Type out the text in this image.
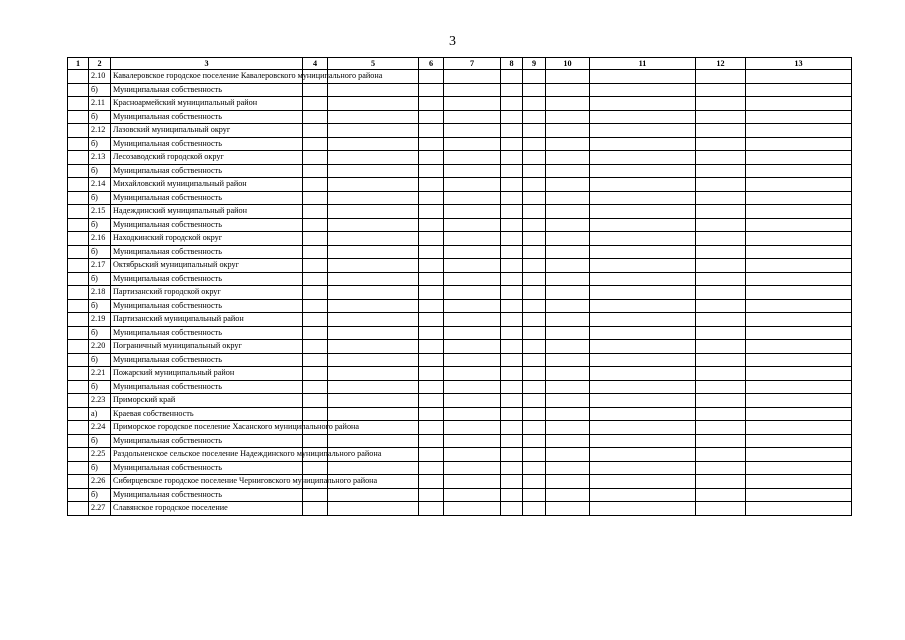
3
1	2	3	4	5	6	7	8	9	10	11	12	13
	2.10	Кавалеровское городское поселение Кавалеровского муниципального района										
	б)	Муниципальная собственность										
	2.11	Красноармейский муниципальный район										
	б)	Муниципальная собственность										
	2.12	Лазовский муниципальный округ										
	б)	Муниципальная собственность										
	2.13	Лесозаводский городской округ										
	б)	Муниципальная собственность										
	2.14	Михайловский муниципальный район										
	б)	Муниципальная собственность										
	2.15	Надеждинский муниципальный район										
	б)	Муниципальная собственность										
	2.16	Находкинский городской округ										
	б)	Муниципальная собственность										
	2.17	Октябрьский муниципальный округ										
	б)	Муниципальная собственность										
	2.18	Партизанский городской округ										
	б)	Муниципальная собственность										
	2.19	Партизанский муниципальный район										
	б)	Муниципальная собственность										
	2.20	Пограничный муниципальный округ										
	б)	Муниципальная собственность										
	2.21	Пожарский муниципальный район										
	б)	Муниципальная собственность										
	2.23	Приморский край										
	а)	Краевая собственность										
	2.24	Приморское городское поселение Хасанского муниципального района										
	б)	Муниципальная собственность										
	2.25	Раздольненское сельское поселение Надеждинского муниципального района										
	б)	Муниципальная собственность										
	2.26	Сибирцевское городское поселение Черниговского муниципального района										
	б)	Муниципальная собственность										
	2.27	Славянское городское поселение										
